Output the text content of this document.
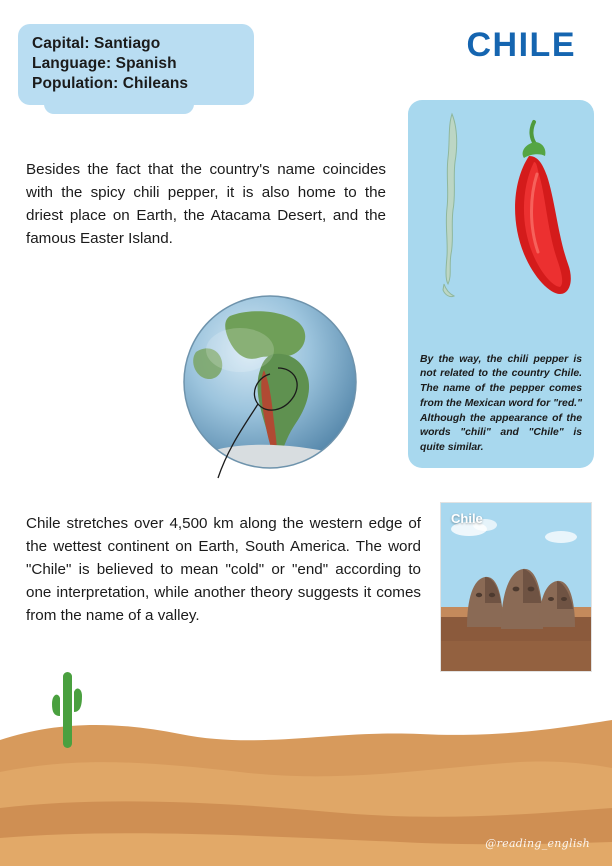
Capital: Santiago
Language: Spanish
Population: Chileans
CHILE
Besides the fact that the country's name coincides with the spicy chili pepper, it is also home to the driest place on Earth, the Atacama Desert, and the famous Easter Island.
By the way, the chili pepper is not related to the country Chile. The name of the pepper comes from the Mexican word for "red." Although the appearance of the words "chili" and "Chile" is quite similar.
Chile stretches over 4,500 km along the western edge of the wettest continent on Earth, South America. The word "Chile" is believed to mean "cold" or "end" according to one interpretation, while another theory suggests it comes from the name of a valley.
Chile
@reading_english
